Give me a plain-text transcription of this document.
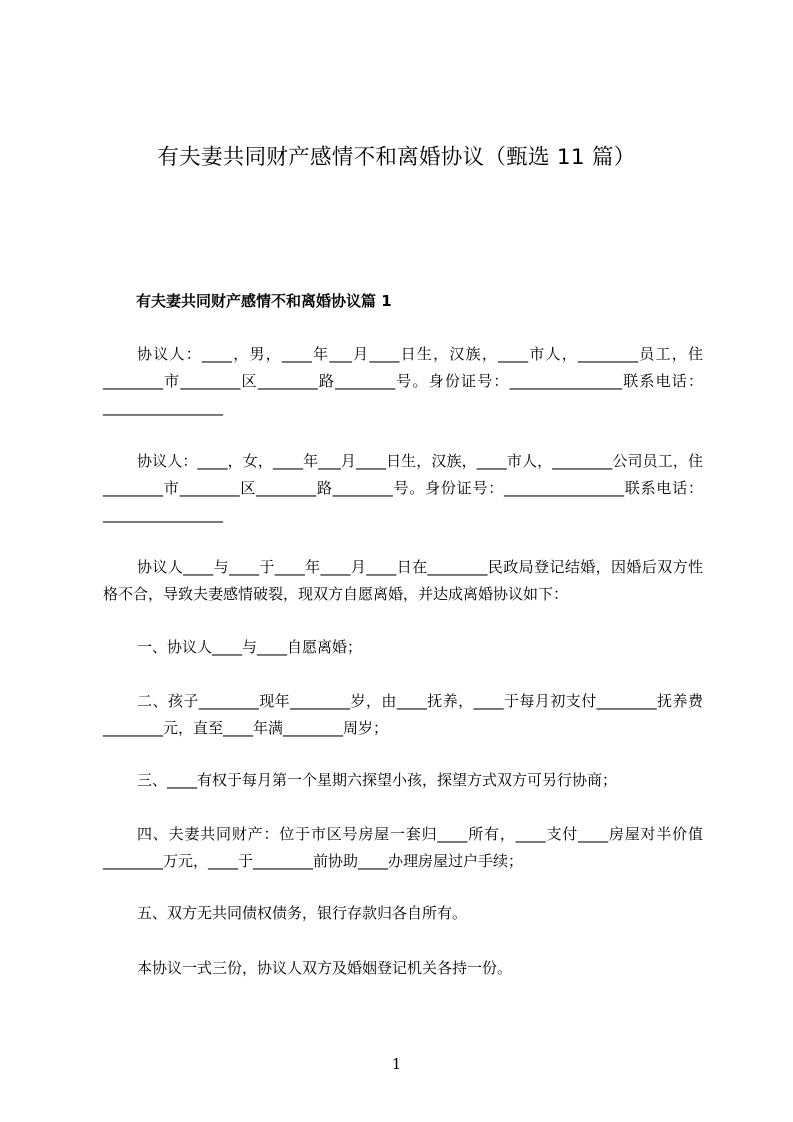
有夫妻共同财产感情不和离婚协议（甄选 11 篇）
有夫妻共同财产感情不和离婚协议篇 1
协议人：____，男，____年___月____日生，汉族，____市人，________员工，住________市________区________路________号。身份证号：_______________联系电话：________________
协议人：____，女，____年___月____日生，汉族，____市人，________公司员工，住________市________区________路________号。身份证号：________________联系电话：________________
协议人____与____于____年____月____日在________民政局登记结婚，因婚后双方性格不合，导致夫妻感情破裂，现双方自愿离婚，并达成离婚协议如下：
一、协议人____与____自愿离婚；
二、孩子________现年________岁，由____抚养，____于每月初支付________抚养费________元，直至____年满________周岁；
三、____有权于每月第一个星期六探望小孩，探望方式双方可另行协商；
四、夫妻共同财产：位于市区号房屋一套归____所有，____支付____房屋对半价值________万元，____于________前协助____办理房屋过户手续；
五、双方无共同债权债务，银行存款归各自所有。
本协议一式三份，协议人双方及婚姻登记机关各持一份。
1
